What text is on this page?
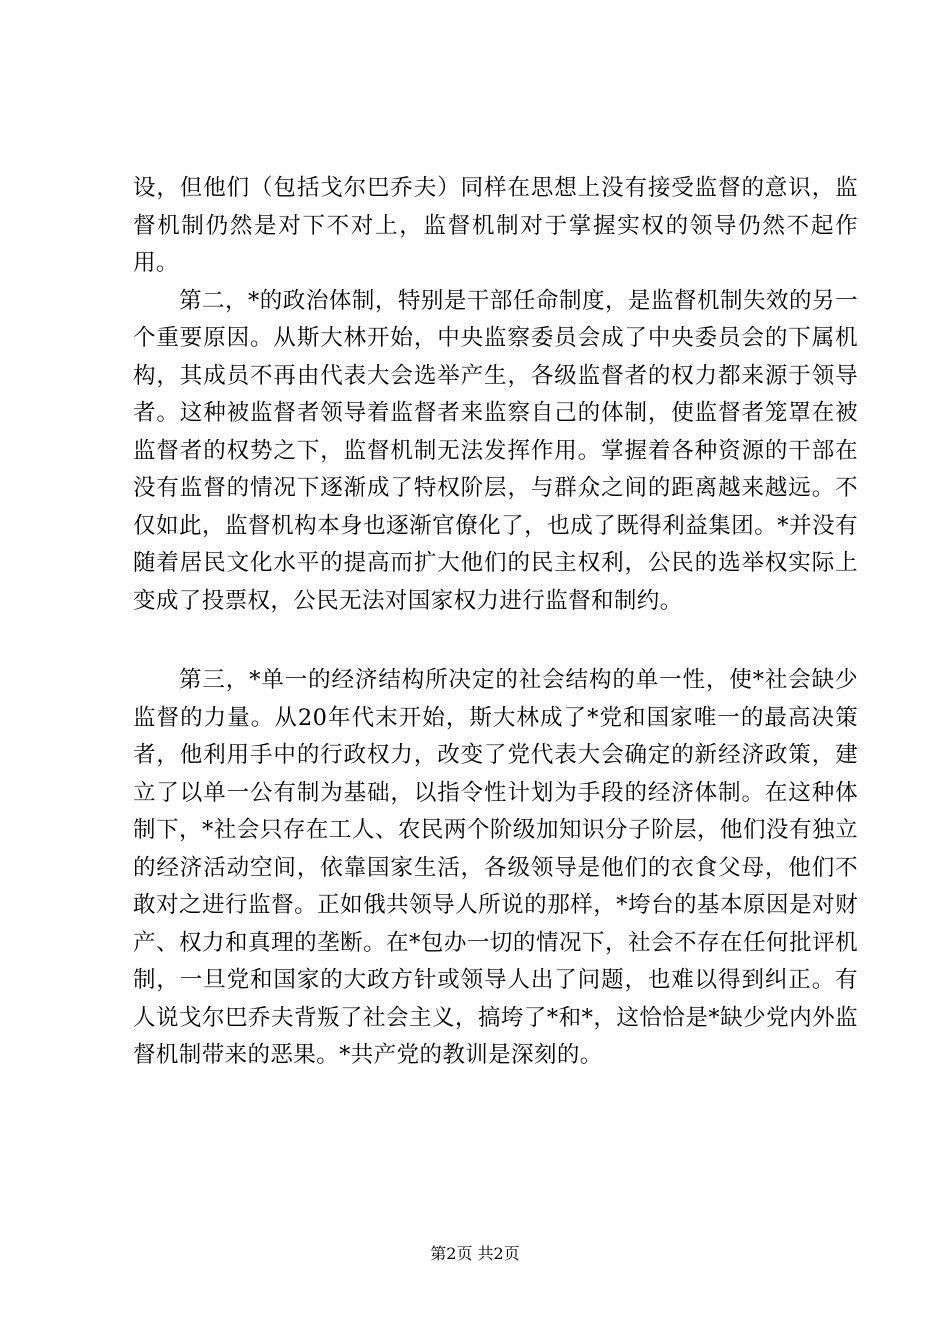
设，但他们（包括戈尔巴乔夫）同样在思想上没有接受监督的意识，监督机制仍然是对下不对上，监督机制对于掌握实权的领导仍然不起作用。

第二，*的政治体制，特别是干部任命制度，是监督机制失效的另一个重要原因。从斯大林开始，中央监察委员会成了中央委员会的下属机构，其成员不再由代表大会选举产生，各级监督者的权力都来源于领导者。这种被监督者领导着监督者来监察自己的体制，使监督者笼罩在被监督者的权势之下，监督机制无法发挥作用。掌握着各种资源的干部在没有监督的情况下逐渐成了特权阶层，与群众之间的距离越来越远。不仅如此，监督机构本身也逐渐官僚化了，也成了既得利益集团。*并没有随着居民文化水平的提高而扩大他们的民主权利，公民的选举权实际上变成了投票权，公民无法对国家权力进行监督和制约。

第三，*单一的经济结构所决定的社会结构的单一性，使*社会缺少监督的力量。从20年代末开始，斯大林成了*党和国家唯一的最高决策者，他利用手中的行政权力，改变了党代表大会确定的新经济政策，建立了以单一公有制为基础，以指令性计划为手段的经济体制。在这种体制下，*社会只存在工人、农民两个阶级加知识分子阶层，他们没有独立的经济活动空间，依靠国家生活，各级领导是他们的衣食父母，他们不敢对之进行监督。正如俄共领导人所说的那样，*垮台的基本原因是对财产、权力和真理的垄断。在*包办一切的情况下，社会不存在任何批评机制，一旦党和国家的大政方针或领导人出了问题，也难以得到纠正。有人说戈尔巴乔夫背叛了社会主义，搞垮了*和*，这恰恰是*缺少党内外监督机制带来的恶果。*共产党的教训是深刻的。

第2页 共2页
